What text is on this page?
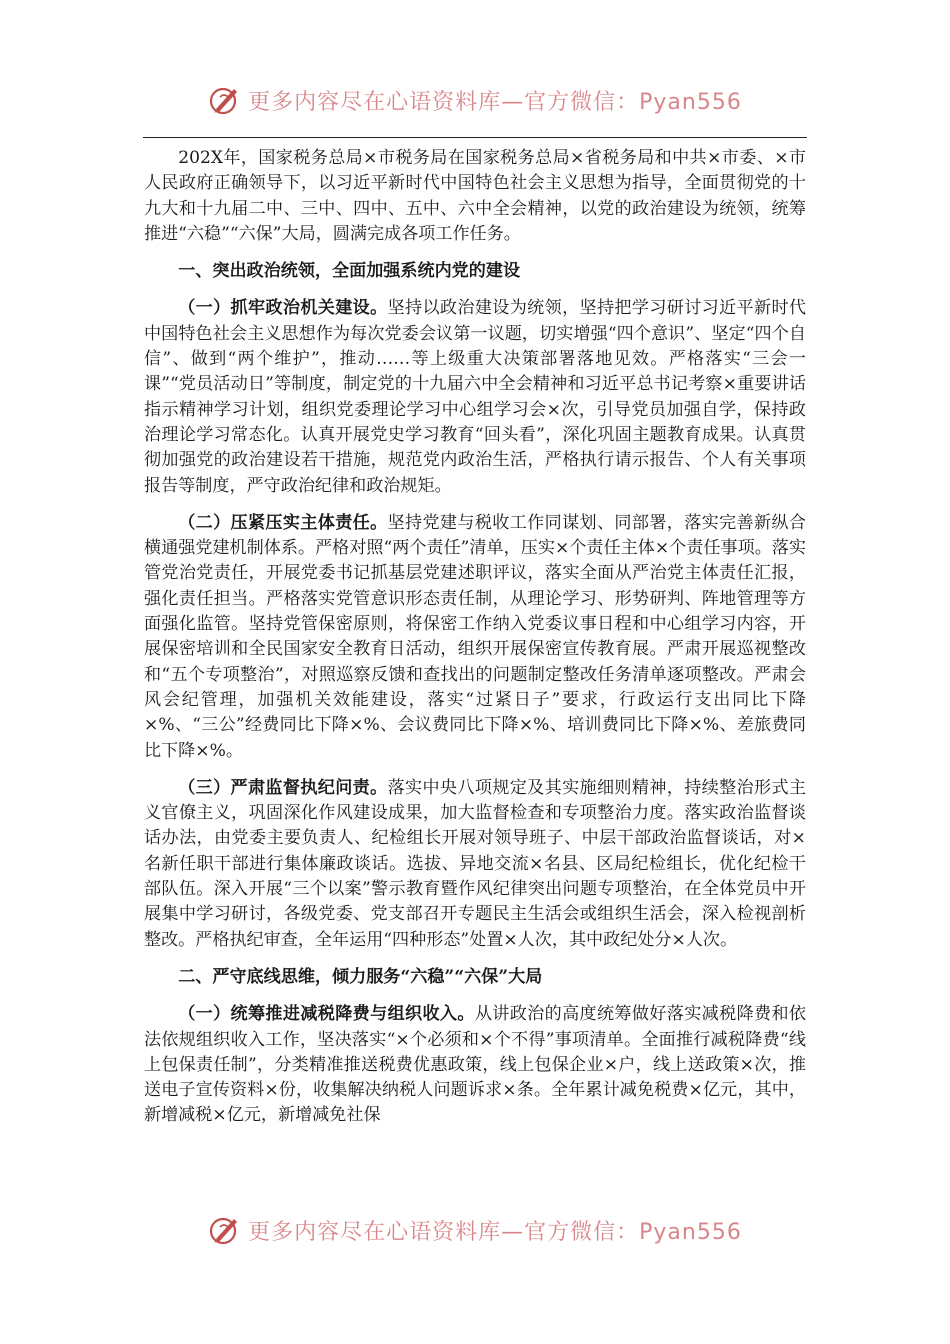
更多内容尽在心语资料库—官方微信：Pyan556

202X年，国家税务总局×市税务局在国家税务总局×省税务局和中共×市委、×市人民政府正确领导下，以习近平新时代中国特色社会主义思想为指导，全面贯彻党的十九大和十九届二中、三中、四中、五中、六中全会精神，以党的政治建设为统领，统筹推进“六稳”“六保”大局，圆满完成各项工作任务。

一、突出政治统领，全面加强系统内党的建设

（一）抓牢政治机关建设。坚持以政治建设为统领，坚持把学习研讨习近平新时代中国特色社会主义思想作为每次党委会议第一议题，切实增强“四个意识”、坚定“四个自信”、做到“两个维护”，推动……等上级重大决策部署落地见效。严格落实“三会一课”“党员活动日”等制度，制定党的十九届六中全会精神和习近平总书记考察×重要讲话指示精神学习计划，组织党委理论学习中心组学习会×次，引导党员加强自学，保持政治理论学习常态化。认真开展党史学习教育“回头看”，深化巩固主题教育成果。认真贯彻加强党的政治建设若干措施，规范党内政治生活，严格执行请示报告、个人有关事项报告等制度，严守政治纪律和政治规矩。

（二）压紧压实主体责任。坚持党建与税收工作同谋划、同部署，落实完善新纵合横通强党建机制体系。严格对照“两个责任”清单，压实×个责任主体×个责任事项。落实管党治党责任，开展党委书记抓基层党建述职评议，落实全面从严治党主体责任汇报，强化责任担当。严格落实党管意识形态责任制，从理论学习、形势研判、阵地管理等方面强化监管。坚持党管保密原则，将保密工作纳入党委议事日程和中心组学习内容，开展保密培训和全民国家安全教育日活动，组织开展保密宣传教育展。严肃开展巡视整改和“五个专项整治”，对照巡察反馈和查找出的问题制定整改任务清单逐项整改。严肃会风会纪管理，加强机关效能建设，落实“过紧日子”要求，行政运行支出同比下降×%、“三公”经费同比下降×%、会议费同比下降×%、培训费同比下降×%、差旅费同比下降×%。

（三）严肃监督执纪问责。落实中央八项规定及其实施细则精神，持续整治形式主义官僚主义，巩固深化作风建设成果，加大监督检查和专项整治力度。落实政治监督谈话办法，由党委主要负责人、纪检组长开展对领导班子、中层干部政治监督谈话，对×名新任职干部进行集体廉政谈话。选拔、异地交流×名县、区局纪检组长，优化纪检干部队伍。深入开展“三个以案”警示教育暨作风纪律突出问题专项整治，在全体党员中开展集中学习研讨，各级党委、党支部召开专题民主生活会或组织生活会，深入检视剖析整改。严格执纪审查，全年运用“四种形态”处置×人次，其中政纪处分×人次。

二、严守底线思维，倾力服务“六稳”“六保”大局

（一）统筹推进减税降费与组织收入。从讲政治的高度统筹做好落实减税降费和依法依规组织收入工作，坚决落实“×个必须和×个不得”事项清单。全面推行减税降费“线上包保责任制”，分类精准推送税费优惠政策，线上包保企业×户，线上送政策×次，推送电子宣传资料×份，收集解决纳税人问题诉求×条。全年累计减免税费×亿元，其中，新增减税×亿元，新增减免社保

更多内容尽在心语资料库—官方微信：Pyan556
